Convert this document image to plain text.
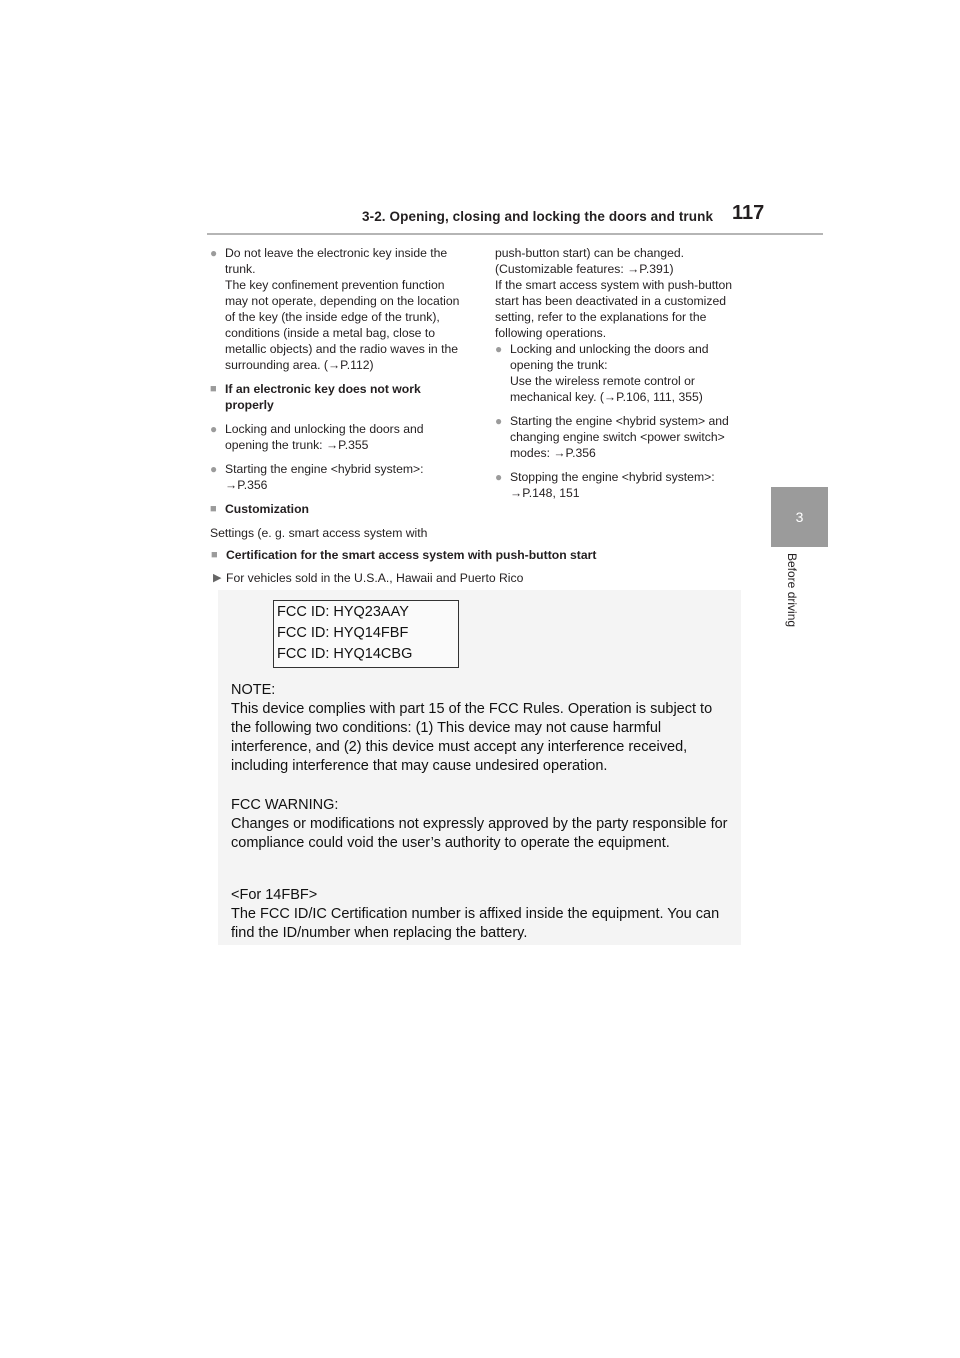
3-2. Opening, closing and locking the doors and trunk 117
3
Before driving
● Do not leave the electronic key inside the trunk.

The key confinement prevention function may not operate, depending on the location of the key (the inside edge of the trunk), conditions (inside a metal bag, close to metallic objects) and the radio waves in the surrounding area. (→P.112)

■ If an electronic key does not work properly

● Locking and unlocking the doors and opening the trunk: →P.355

● Starting the engine <hybrid system>: →P.356

■ Customization

Settings (e. g. smart access system with

push-button start) can be changed. (Customizable features: →P.391)

If the smart access system with push-button start has been deactivated in a customized setting, refer to the explanations for the following operations.

● Locking and unlocking the doors and opening the trunk:

Use the wireless remote control or mechanical key. (→P.106, 111, 355)

● Starting the engine <hybrid system> and changing engine switch <power switch> modes: →P.356

● Stopping the engine <hybrid system>: →P.148, 151

■ Certification for the smart access system with push-button start
▶ For vehicles sold in the U.S.A., Hawaii and Puerto Rico
FCC ID: HYQ23AAY
FCC ID: HYQ14FBF
FCC ID: HYQ14CBG

NOTE:

This device complies with part 15 of the FCC Rules. Operation is subject to the following two conditions: (1) This device may not cause harmful interference, and (2) this device must accept any interference received, including interference that may cause undesired operation.

FCC WARNING:

Changes or modifications not expressly approved by the party responsible for compliance could void the user’s authority to operate the equipment.

<For 14FBF>

The FCC ID/IC Certification number is affixed inside the equipment. You can find the ID/number when replacing the battery.
